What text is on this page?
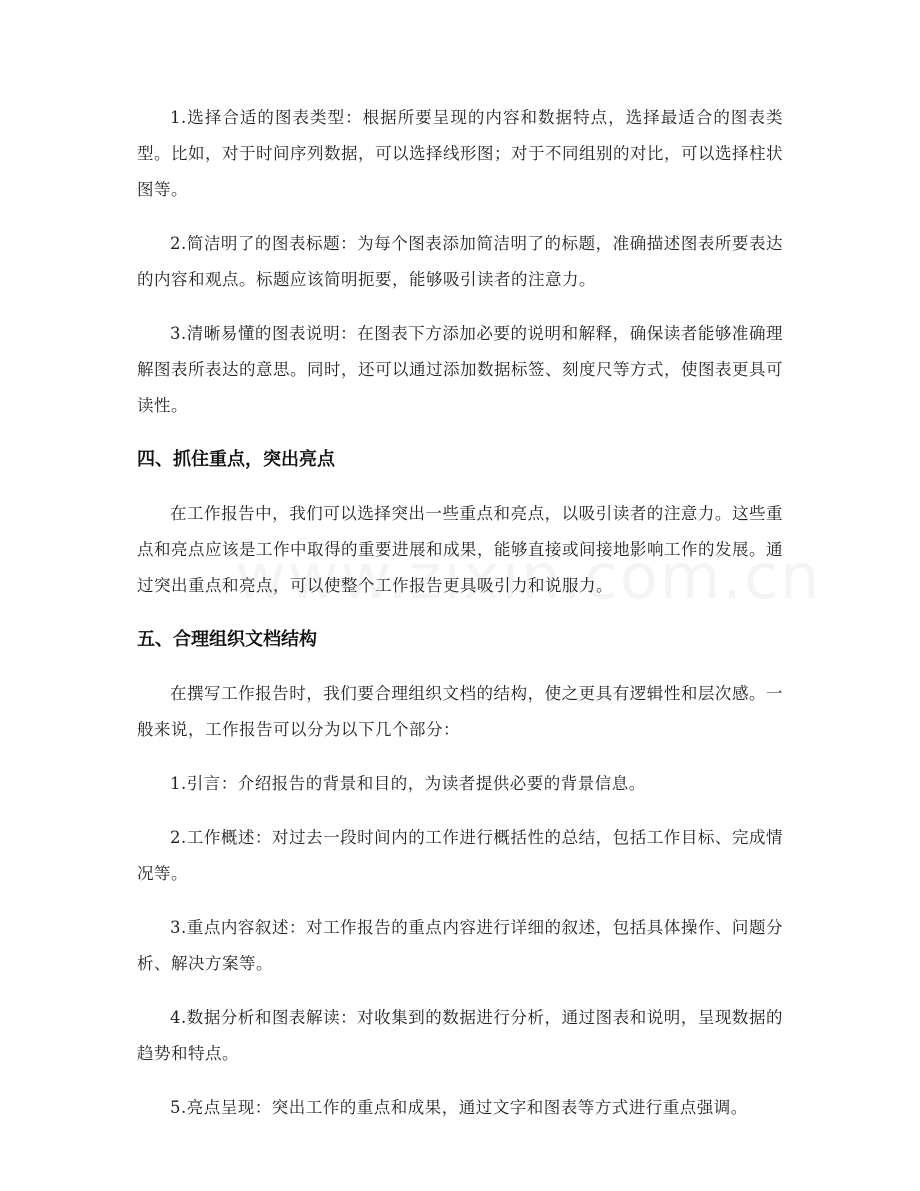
1.选择合适的图表类型：根据所要呈现的内容和数据特点，选择最适合的图表类型。比如，对于时间序列数据，可以选择线形图；对于不同组别的对比，可以选择柱状图等。

2.简洁明了的图表标题：为每个图表添加简洁明了的标题，准确描述图表所要表达的内容和观点。标题应该简明扼要，能够吸引读者的注意力。

3.清晰易懂的图表说明：在图表下方添加必要的说明和解释，确保读者能够准确理解图表所表达的意思。同时，还可以通过添加数据标签、刻度尺等方式，使图表更具可读性。

四、抓住重点，突出亮点

在工作报告中，我们可以选择突出一些重点和亮点，以吸引读者的注意力。这些重点和亮点应该是工作中取得的重要进展和成果，能够直接或间接地影响工作的发展。通过突出重点和亮点，可以使整个工作报告更具吸引力和说服力。

五、合理组织文档结构

在撰写工作报告时，我们要合理组织文档的结构，使之更具有逻辑性和层次感。一般来说，工作报告可以分为以下几个部分：

1.引言：介绍报告的背景和目的，为读者提供必要的背景信息。

2.工作概述：对过去一段时间内的工作进行概括性的总结，包括工作目标、完成情况等。

3.重点内容叙述：对工作报告的重点内容进行详细的叙述，包括具体操作、问题分析、解决方案等。

4.数据分析和图表解读：对收集到的数据进行分析，通过图表和说明，呈现数据的趋势和特点。

5.亮点呈现：突出工作的重点和成果，通过文字和图表等方式进行重点强调。
